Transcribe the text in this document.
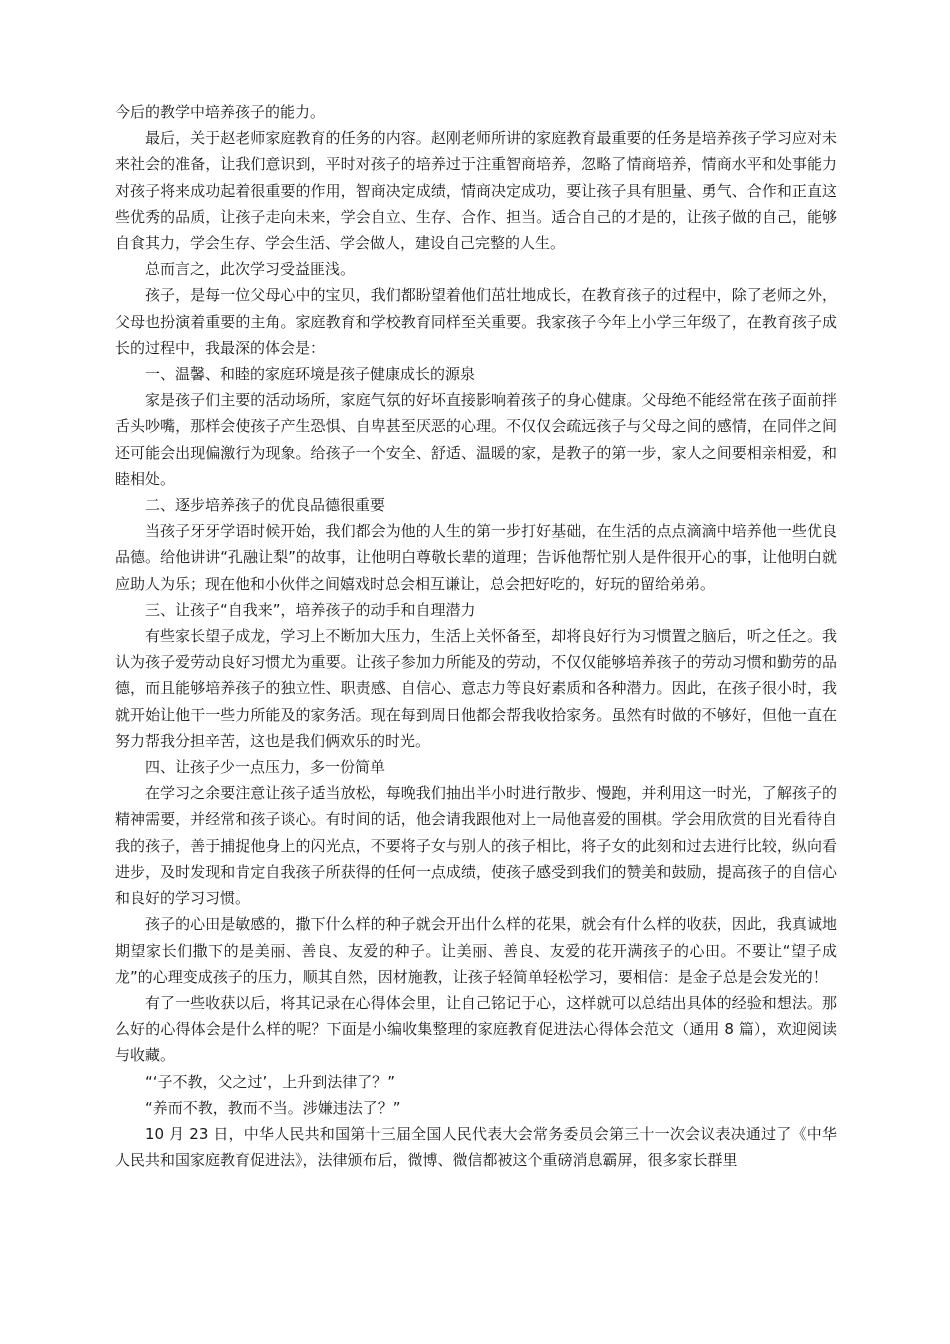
今后的教学中培养孩子的能力。

最后，关于赵老师家庭教育的任务的内容。赵刚老师所讲的家庭教育最重要的任务是培养孩子学习应对未来社会的准备，让我们意识到，平时对孩子的培养过于注重智商培养，忽略了情商培养，情商水平和处事能力对孩子将来成功起着很重要的作用，智商决定成绩，情商决定成功，要让孩子具有胆量、勇气、合作和正直这些优秀的品质，让孩子走向未来，学会自立、生存、合作、担当。适合自己的才是的，让孩子做的自己，能够自食其力，学会生存、学会生活、学会做人，建设自己完整的人生。

总而言之，此次学习受益匪浅。

孩子，是每一位父母心中的宝贝，我们都盼望着他们茁壮地成长，在教育孩子的过程中，除了老师之外，父母也扮演着重要的主角。家庭教育和学校教育同样至关重要。我家孩子今年上小学三年级了，在教育孩子成长的过程中，我最深的体会是：

一、温馨、和睦的家庭环境是孩子健康成长的源泉

家是孩子们主要的活动场所，家庭气氛的好坏直接影响着孩子的身心健康。父母绝不能经常在孩子面前拌舌头吵嘴，那样会使孩子产生恐惧、自卑甚至厌恶的心理。不仅仅会疏远孩子与父母之间的感情，在同伴之间还可能会出现偏激行为现象。给孩子一个安全、舒适、温暖的家，是教子的第一步，家人之间要相亲相爱，和睦相处。

二、逐步培养孩子的优良品德很重要

当孩子牙牙学语时候开始，我们都会为他的人生的第一步打好基础，在生活的点点滴滴中培养他一些优良品德。给他讲讲“孔融让梨”的故事，让他明白尊敬长辈的道理；告诉他帮忙别人是件很开心的事，让他明白就应助人为乐；现在他和小伙伴之间嬉戏时总会相互谦让，总会把好吃的，好玩的留给弟弟。

三、让孩子“自我来”，培养孩子的动手和自理潜力

有些家长望子成龙，学习上不断加大压力，生活上关怀备至，却将良好行为习惯置之脑后，听之任之。我认为孩子爱劳动良好习惯尤为重要。让孩子参加力所能及的劳动，不仅仅能够培养孩子的劳动习惯和勤劳的品德，而且能够培养孩子的独立性、职责感、自信心、意志力等良好素质和各种潜力。因此，在孩子很小时，我就开始让他干一些力所能及的家务活。现在每到周日他都会帮我收拾家务。虽然有时做的不够好，但他一直在努力帮我分担辛苦，这也是我们俩欢乐的时光。

四、让孩子少一点压力，多一份简单

在学习之余要注意让孩子适当放松，每晚我们抽出半小时进行散步、慢跑，并利用这一时光，了解孩子的精神需要，并经常和孩子谈心。有时间的话，他会请我跟他对上一局他喜爱的围棋。学会用欣赏的目光看待自我的孩子，善于捕捉他身上的闪光点，不要将子女与别人的孩子相比，将子女的此刻和过去进行比较，纵向看进步，及时发现和肯定自我孩子所获得的任何一点成绩，使孩子感受到我们的赞美和鼓励，提高孩子的自信心和良好的学习习惯。

孩子的心田是敏感的，撒下什么样的种子就会开出什么样的花果，就会有什么样的收获，因此，我真诚地期望家长们撒下的是美丽、善良、友爱的种子。让美丽、善良、友爱的花开满孩子的心田。不要让“望子成龙”的心理变成孩子的压力，顺其自然，因材施教，让孩子轻简单轻松学习，要相信：是金子总是会发光的！

有了一些收获以后，将其记录在心得体会里，让自己铭记于心，这样就可以总结出具体的经验和想法。那么好的心得体会是什么样的呢？下面是小编收集整理的家庭教育促进法心得体会范文（通用 8 篇），欢迎阅读与收藏。

“‘子不教，父之过’，上升到法律了？”

“养而不教，教而不当。涉嫌违法了？”

10 月 23 日，中华人民共和国第十三届全国人民代表大会常务委员会第三十一次会议表决通过了《中华人民共和国家庭教育促进法》，法律颁布后，微博、微信都被这个重磅消息霸屏，很多家长群里
